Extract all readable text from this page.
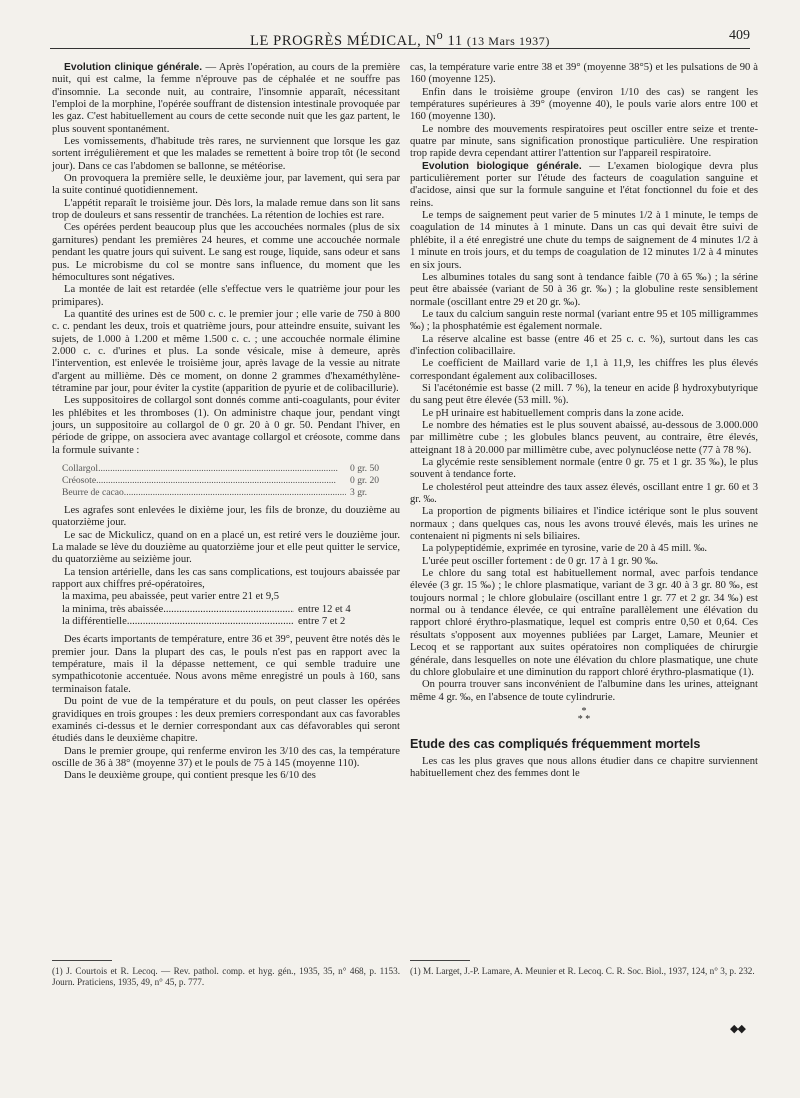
LE PROGRÈS MÉDICAL, $N^o$ 11 (13 Mars 1937)	409

Evolution clinique générale. — Après l'opération, au cours de la première nuit, qui est calme, la femme n'éprouve pas de céphalée et ne souffre pas d'insomnie. La seconde nuit, au contraire, l'insomnie apparaît, nécessitant l'emploi de la morphine, l'opérée souffrant de distension intestinale provoquée par les gaz. C'est habituellement au cours de cette seconde nuit que les gaz partent, le plus souvent spontanément.

Les vomissements, d'habitude très rares, ne surviennent que lorsque les gaz sortent irrégulièrement et que les malades se remettent à boire trop tôt (le second jour). Dans ce cas l'abdomen se ballonne, se météorise.

On provoquera la première selle, le deuxième jour, par lavement, qui sera par la suite continué quotidiennement.

L'appétit reparaît le troisième jour. Dès lors, la malade remue dans son lit sans trop de douleurs et sans ressentir de tranchées. La rétention de lochies est rare.

Ces opérées perdent beaucoup plus que les accouchées normales (plus de six garnitures) pendant les premières 24 heures, et comme une accouchée normale pendant les quatre jours qui suivent. Le sang est rouge, liquide, sans odeur et sans pus. Le microbisme du col se montre sans influence, du moment que les hémocultures sont négatives.

La montée de lait est retardée (elle s'effectue vers le quatrième jour pour les primipares).

La quantité des urines est de 500 c. c. le premier jour ; elle varie de 750 à 800 c. c. pendant les deux, trois et quatrième jours, pour atteindre ensuite, suivant les sujets, de 1.000 à 1.200 et même 1.500 c. c. ; une accouchée normale élimine 2.000 c. c. d'urines et plus. La sonde vésicale, mise à demeure, après l'intervention, est enlevée le troisième jour, après lavage de la vessie au nitrate d'argent au millième. Dès ce moment, on donne 2 grammes d'hexaméthylène-tétramine par jour, pour éviter la cystite (apparition de pyurie et de colibacillurie).

Les suppositoires de collargol sont donnés comme anti-coagulants, pour éviter les phlébites et les thromboses (1). On administre chaque jour, pendant vingt jours, un suppositoire au collargol de 0 gr. 20 à 0 gr. 50. Pendant l'hiver, en période de grippe, on associera avec avantage collargol et créosote, comme dans la formule suivante :

Collargol .....	0 gr. 50
Créosote .....	0 gr. 20
Beurre de cacao .....	3 gr.

Les agrafes sont enlevées le dixième jour, les fils de bronze, du douzième au quatorzième jour.

Le sac de Mickulicz, quand on en a placé un, est retiré vers le douzième jour. La malade se lève du douzième au quatorzième jour et elle peut quitter le service, du quatorzième au seizième jour.

La tension artérielle, dans les cas sans complications, est toujours abaissée par rapport aux chiffres pré-opératoires,

la maxima, peu abaissée, peut varier entre 21 et 9,5
la minima, très abaissée .....	entre 12 et 4
la différentielle .....	entre 7 et 2

Des écarts importants de température, entre 36 et 39°, peuvent être notés dès le premier jour. Dans la plupart des cas, le pouls n'est pas en rapport avec la température, mais il la dépasse nettement, ce qui semble traduire une sympathicotonie accentuée. Nous avons même enregistré un pouls à 160, sans terminaison fatale.

Du point de vue de la température et du pouls, on peut classer les opérées gravidiques en trois groupes : les deux premiers correspondant aux cas favorables examinés ci-dessus et le dernier correspondant aux cas défavorables qui seront étudiés dans le deuxième chapitre.

Dans le premier groupe, qui renferme environ les 3/10 des cas, la température oscille de 36 à 38° (moyenne 37) et le pouls de 75 à 145 (moyenne 110).

Dans le deuxième groupe, qui contient presque les 6/10 des

(1) J. Courtois et R. Lecoq. — Rev. pathol. comp. et hyg. gén., 1935, 35, n° 468, p. 1153. Journ. Praticiens, 1935, 49, n° 45, p. 777.

cas, la température varie entre 38 et 39° (moyenne 38°5) et les pulsations de 90 à 160 (moyenne 125).

Enfin dans le troisième groupe (environ 1/10 des cas) se rangent les températures supérieures à 39° (moyenne 40), le pouls varie alors entre 100 et 160 (moyenne 130).

Le nombre des mouvements respiratoires peut osciller entre seize et trente-quatre par minute, sans signification pronostique particulière. Une respiration trop rapide devra cependant attirer l'attention sur l'appareil respiratoire.

Evolution biologique générale. — L'examen biologique devra plus particulièrement porter sur l'étude des facteurs de coagulation sanguine et d'acidose, ainsi que sur la formule sanguine et l'état fonctionnel du foie et des reins.

Le temps de saignement peut varier de 5 minutes 1/2 à 1 minute, le temps de coagulation de 14 minutes à 1 minute. Dans un cas qui devait être suivi de phlébite, il a été enregistré une chute du temps de saignement de 4 minutes 1/2 à 1 minute en trois jours, et du temps de coagulation de 12 minutes 1/2 à 4 minutes en six jours.

Les albumines totales du sang sont à tendance faible (70 à 65 ‰) ; la sérine peut être abaissée (variant de 50 à 36 gr. ‰) ; la globuline reste sensiblement normale (oscillant entre 29 et 20 gr. ‰).

Le taux du calcium sanguin reste normal (variant entre 95 et 105 milligrammes ‰) ; la phosphatémie est également normale.

La réserve alcaline est basse (entre 46 et 25 c. c. %), surtout dans les cas d'infection colibacillaire.

Le coefficient de Maillard varie de 1,1 à 11,9, les chiffres les plus élevés correspondant également aux colibacilloses.

Si l'acétonémie est basse (2 mill. 7 %), la teneur en acide β hydroxybutyrique du sang peut être élevée (53 mill. %).

Le pH urinaire est habituellement compris dans la zone acide.

Le nombre des hématies est le plus souvent abaissé, au-dessous de 3.000.000 par millimètre cube ; les globules blancs peuvent, au contraire, être élevés, atteignant 18 à 20.000 par millimètre cube, avec polynucléose nette (77 à 78 %).

La glycémie reste sensiblement normale (entre 0 gr. 75 et 1 gr. 35 ‰), le plus souvent à tendance forte.

Le cholestérol peut atteindre des taux assez élevés, oscillant entre 1 gr. 60 et 3 gr. ‰.

La proportion de pigments biliaires et l'indice ictérique sont le plus souvent normaux ; dans quelques cas, nous les avons trouvé élevés, mais les urines ne contenaient ni pigments ni sels biliaires.

La polypeptidémie, exprimée en tyrosine, varie de 20 à 45 mill. ‰.

L'urée peut osciller fortement : de 0 gr. 17 à 1 gr. 90 ‰.

Le chlore du sang total est habituellement normal, avec parfois tendance élevée (3 gr. 15 ‰) ; le chlore plasmatique, variant de 3 gr. 40 à 3 gr. 80 ‰, est toujours normal ; le chlore globulaire (oscillant entre 1 gr. 77 et 2 gr. 34 ‰) est normal ou à tendance élevée, ce qui entraîne parallèlement une élévation du rapport chloré érythro-plasmatique, lequel est compris entre 0,50 et 0,64. Ces résultats s'opposent aux moyennes publiées par Larget, Lamare, Meunier et Lecoq et se rapportant aux suites opératoires non compliquées de chirurgie générale, dans lesquelles on note une élévation du chlore plasmatique, une chute du chlore globulaire et une diminution du rapport chloré érythro-plasmatique (1).

On pourra trouver sans inconvénient de l'albumine dans les urines, atteignant même 4 gr. ‰, en l'absence de toute cylindrurie.

*
* *
Etude des cas compliqués fréquemment mortels

Les cas les plus graves que nous allons étudier dans ce chapitre surviennent habituellement chez des femmes dont le

(1) M. Larget, J.-P. Lamare, A. Meunier et R. Lecoq. C. R. Soc. Biol., 1937, 124, n° 3, p. 232.
◆◆
